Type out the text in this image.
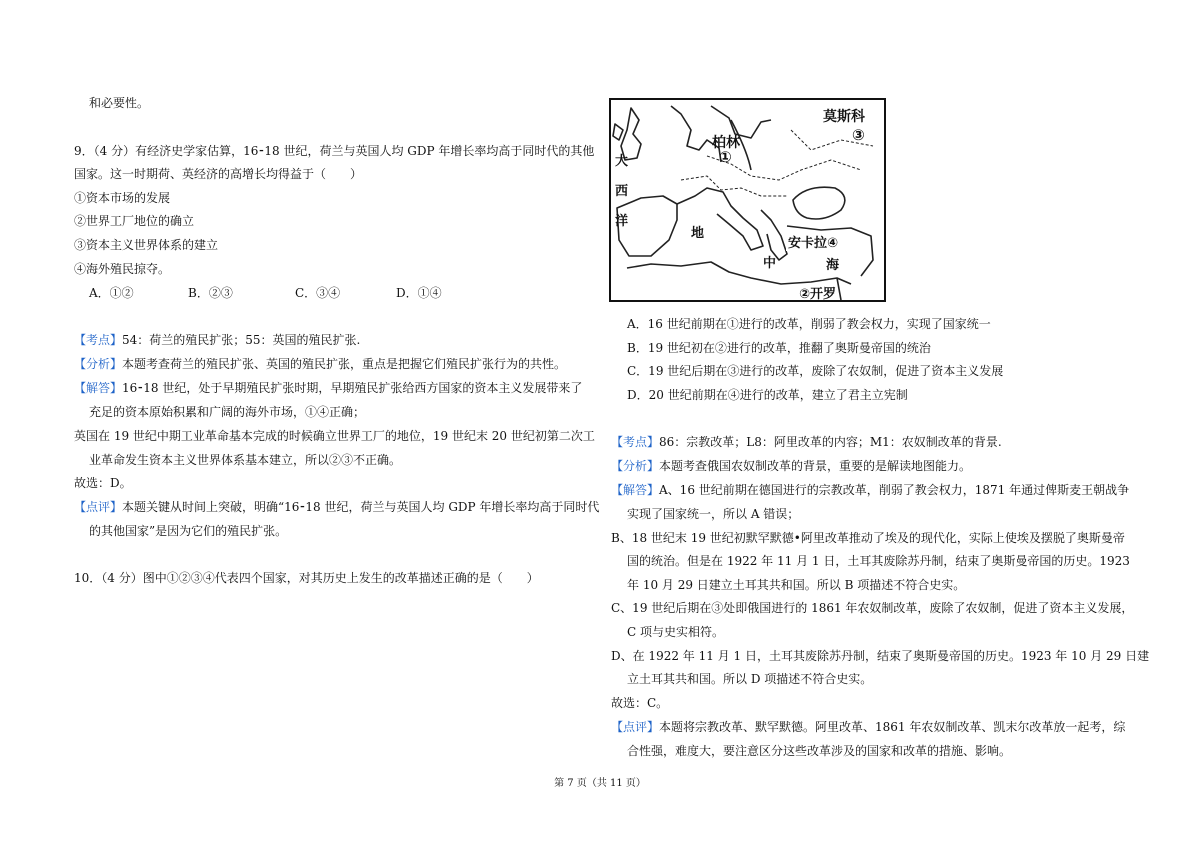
和必要性。
9．（4 分）有经济史学家估算，16⁃18 世纪，荷兰与英国人均 GDP 年增长率均高于同时代的其他
国家。这一时期荷、英经济的高增长均得益于（　　）
①资本市场的发展
②世界工厂地位的确立
③资本主义世界体系的建立
④海外殖民掠夺。
A．①②	B．②③	C．③④	D．①④
【考点】54：荷兰的殖民扩张；55：英国的殖民扩张.
【分析】本题考查荷兰的殖民扩张、英国的殖民扩张，重点是把握它们殖民扩张行为的共性。
【解答】16⁃18 世纪，处于早期殖民扩张时期，早期殖民扩张给西方国家的资本主义发展带来了
充足的资本原始积累和广阔的海外市场，①④正确；
英国在 19 世纪中期工业革命基本完成的时候确立世界工厂的地位，19 世纪末 20 世纪初第二次工
业革命发生资本主义世界体系基本建立，所以②③不正确。
故选：D。
【点评】本题关键从时间上突破，明确“16⁃18 世纪，荷兰与英国人均 GDP 年增长率均高于同时代
的其他国家”是因为它们的殖民扩张。
10．（4 分）图中①②③④代表四个国家，对其历史上发生的改革描述正确的是（　　）
莫斯科
③
柏林
①
大
西
洋
地
中	海
安卡拉④
②开罗
A．16 世纪前期在①进行的改革，削弱了教会权力，实现了国家统一
B．19 世纪初在②进行的改革，推翻了奥斯曼帝国的统治
C．19 世纪后期在③进行的改革，废除了农奴制，促进了资本主义发展
D．20 世纪前期在④进行的改革，建立了君主立宪制
【考点】86：宗教改革；L8：阿里改革的内容；M1：农奴制改革的背景.
【分析】本题考查俄国农奴制改革的背景，重要的是解读地图能力。
【解答】A、16 世纪前期在德国进行的宗教改革，削弱了教会权力，1871 年通过俾斯麦王朝战争
实现了国家统一，所以 A 错误；
B、18 世纪末 19 世纪初默罕默德•阿里改革推动了埃及的现代化，实际上使埃及摆脱了奥斯曼帝
国的统治。但是在 1922 年 11 月 1 日，土耳其废除苏丹制，结束了奥斯曼帝国的历史。1923
年 10 月 29 日建立土耳其共和国。所以 B 项描述不符合史实。
C、19 世纪后期在③处即俄国进行的 1861 年农奴制改革，废除了农奴制，促进了资本主义发展，
C 项与史实相符。
D、在 1922 年 11 月 1 日，土耳其废除苏丹制，结束了奥斯曼帝国的历史。1923 年 10 月 29 日建
立土耳其共和国。所以 D 项描述不符合史实。
故选：C。
【点评】本题将宗教改革、默罕默德。阿里改革、1861 年农奴制改革、凯末尔改革放一起考，综
合性强，难度大，要注意区分这些改革涉及的国家和改革的措施、影响。
第 7 页（共 11 页）
